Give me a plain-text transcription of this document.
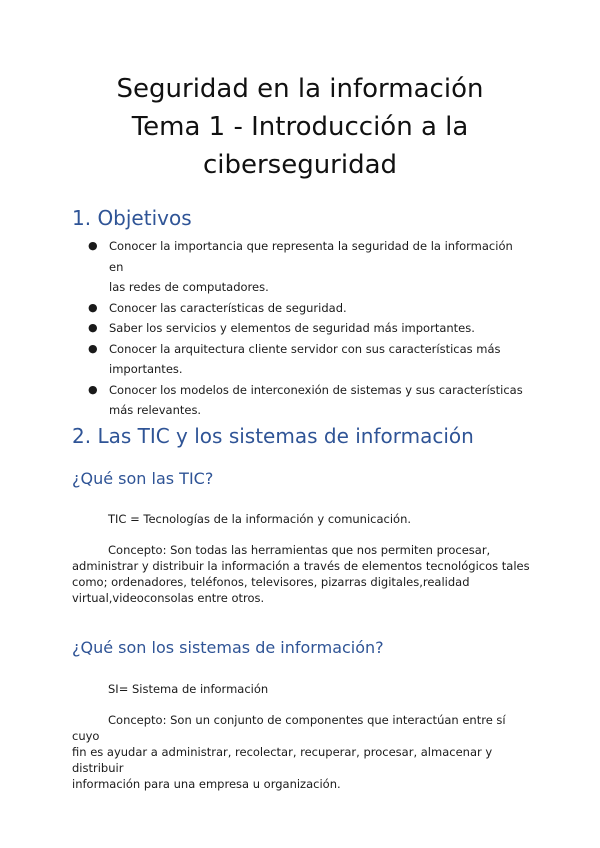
Seguridad en la información
Tema 1 - Introducción a la
ciberseguridad
1. Objetivos
● Conocer la importancia que representa la seguridad de la información en
las redes de computadores.
● Conocer las características de seguridad.
● Saber los servicios y elementos de seguridad más importantes.
● Conocer la arquitectura cliente servidor con sus características más
importantes.
● Conocer los modelos de interconexión de sistemas y sus características
más relevantes.
2. Las TIC y los sistemas de información
¿Qué son las TIC?
TIC = Tecnologías de la información y comunicación.
Concepto: Son todas las herramientas que nos permiten procesar,
administrar y distribuir la información a través de elementos tecnológicos tales
como; ordenadores, teléfonos, televisores, pizarras digitales,realidad
virtual,videoconsolas entre otros.
¿Qué son los sistemas de información?
SI= Sistema de información
Concepto: Son un conjunto de componentes que interactúan entre sí cuyo
fin es ayudar a administrar, recolectar, recuperar, procesar, almacenar y distribuir
información para una empresa u organización.
